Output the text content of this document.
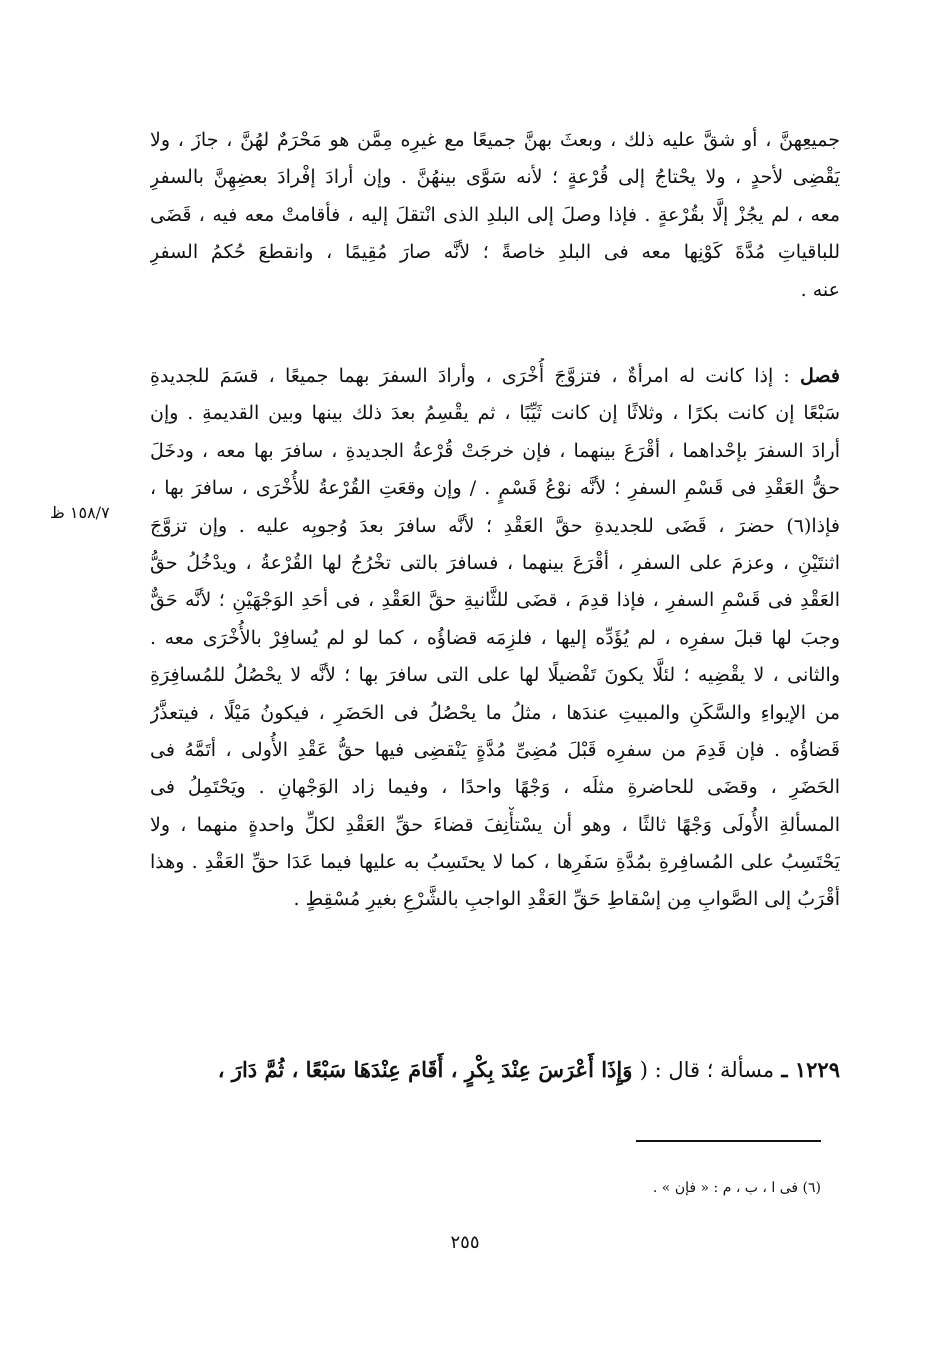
جميعِهنَّ ، أو شقَّ عليه ذلك ، وبعثَ بهنَّ جميعًا مع غيرِه مِمَّن هو مَحْرَمٌ لهُنَّ ، جازَ ، ولا
يَقْضِى لأحدٍ ، ولا يحْتاجُ إلى قُرْعةٍ ؛ لأنه سَوَّى بينهُنَّ . وإن أرادَ إفْرادَ بعضِهِنَّ بالسفرِ
معه ، لم يجُزْ إلَّا بقُرْعةٍ . فإذا وصلَ إلى البلدِ الذى انْتقلَ إليه ، فأقامتْ معه فيه ، قَضَى
للباقياتِ مُدَّةَ كَوْنِها معه فى البلدِ خاصةً ؛ لأنَّه صارَ مُقِيمًا ، وانقطعَ حُكمُ السفرِ
عنه .
فصل : إذا كانت له امرأةٌ ، فتزوَّجَ أُخْرَى ، وأرادَ السفرَ بهما جميعًا ، قسَمَ للجديدةِ
سَبْعًا إن كانت بكرًا ، وثلاثًا إن كانت ثَيِّبًا ، ثم يقْسِمُ بعدَ ذلك بينها وبين القديمةِ . وإن
أرادَ السفرَ بإحْداهما ، أقْرَعَ بينهما ، فإن خرجَتْ قُرْعةُ الجديدةِ ، سافرَ بها معه ، ودخَلَ
حقُّ العَقْدِ فى قَسْمِ السفرِ ؛ لأنَّه نوْعُ قَسْمٍ . / وإن وقعَتِ القُرْعةُ للأُخْرَى ، سافرَ بها ،
فإذا(٦) حضرَ ، قَضَى للجديدةِ حقَّ العَقْدِ ؛ لأنَّه سافرَ بعدَ وُجوبِه عليه . وإن تزوَّجَ
اثنتَيْنِ ، وعزمَ على السفرِ ، أقْرَعَ بينهما ، فسافرَ بالتى تخْرُجُ لها القُرْعةُ ، ويدْخُلُ حقُّ
العَقْدِ فى قَسْمِ السفرِ ، فإذا قدِمَ ، قضَى للثَّانيةِ حقَّ العَقْدِ ، فى أحَدِ الوَجْهَيْنِ ؛ لأنَّه حَقٌّ
وجبَ لها قبلَ سفرِه ، لم يُؤَدِّه إليها ، فلزِمَه قضاؤُه ، كما لو لم يُسافِرْ بالأُخْرَى معه .
والثانى ، لا يقْضِيه ؛ لئلَّا يكونَ تَفْضيلًا لها على التى سافرَ بها ؛ لأنَّه لا يحْصُلُ للمُسافِرَةِ
من الإيواءِ والسَّكَنِ والمبيتِ عندَها ، مثلُ ما يحْصُلُ فى الحَضَرِ ، فيكونُ مَيْلًا ، فيتعذَّرُ
قَضاؤُه . فإن قَدِمَ من سفرِه قَبْلَ مُضِىِّ مُدَّةٍ يَنْقضِى فيها حقُّ عَقْدِ الأُولى ، أتَمَّهُ فى
الحَضَرِ ، وقضَى للحاضرةِ مثلَه ، وَجْهًا واحدًا ، وفيما زاد الوَجْهانِ . ويَحْتَمِلُ فى
المسألةِ الأُولَى وَجْهًا ثالثًا ، وهو أن يسْتأْنِفَ قضاءَ حقِّ العَقْدِ لكلِّ واحدةٍ منهما ، ولا
يَحْتَسِبُ على المُسافِرةِ بمُدَّةِ سَفَرِها ، كما لا يحتَسِبُ به عليها فيما عَدَا حقِّ العَقْدِ . وهذا
أقْرَبُ إلى الصَّوابِ مِن إسْقاطِ حَقِّ العَقْدِ الواجبِ بالشَّرْعِ بغيرِ مُسْقِطٍ .
١٢٢٩ ـ مسألة ؛ قال : ( وَإِذَا أَعْرَسَ عِنْدَ بِكْرٍ ، أَقَامَ عِنْدَهَا سَبْعًا ، ثُمَّ دَارَ ،
١٥٨/٧ ظ
(٦) فى ا ، ب ، م : « فإن » .
٢٥٥
